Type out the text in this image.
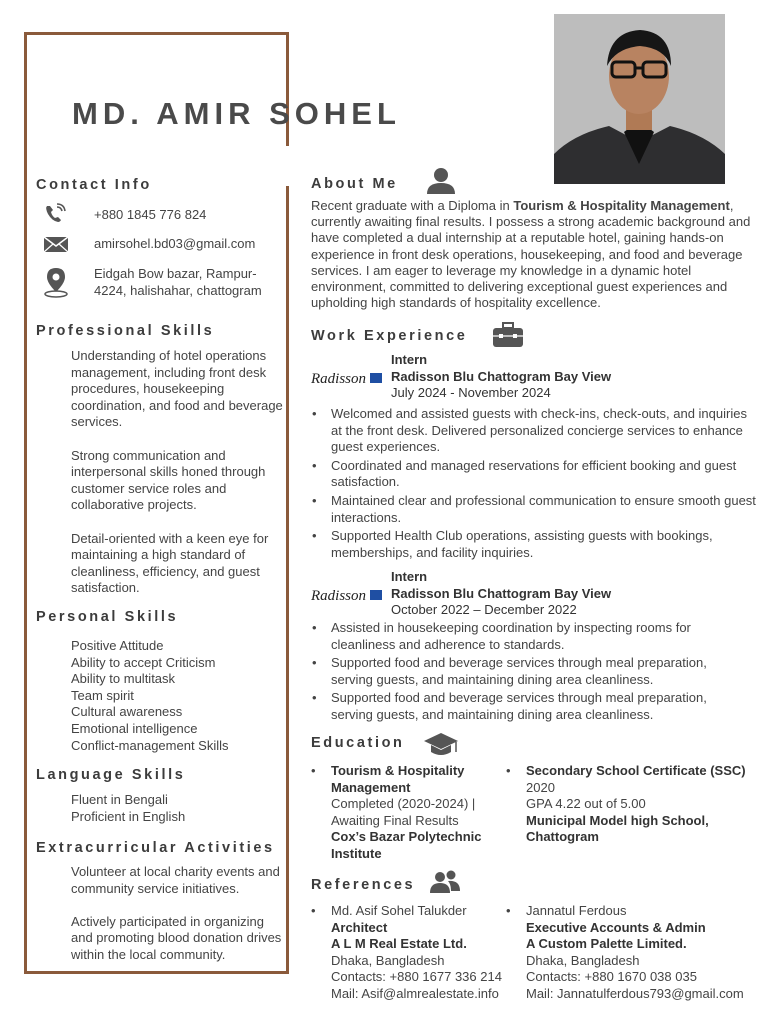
MD. AMIR SOHEL
Contact Info
+880 1845 776 824
amirsohel.bd03@gmail.com
Eidgah Bow bazar, Rampur-
4224, halishahar, chattogram
Professional Skills

Understanding of hotel operations management, including front desk procedures, housekeeping coordination, and food and beverage services.

Strong communication and interpersonal skills honed through customer service roles and collaborative projects.

Detail-oriented with a keen eye for maintaining a high standard of cleanliness, efficiency, and guest satisfaction.

Personal Skills
Positive Attitude
Ability to accept Criticism
Ability to multitask
Team spirit
Cultural awareness
Emotional intelligence
Conflict-management Skills
Language Skills
Fluent in Bengali
Proficient in English
Extracurricular Activities

Volunteer at local charity events and community service initiatives.

Actively participated in organizing and promoting blood donation drives within the local community.

About Me
Recent graduate with a Diploma in Tourism & Hospitality Management, currently awaiting final results. I possess a strong academic background and have completed a dual internship at a reputable hotel, gaining hands-on experience in front desk operations, housekeeping, and food and beverage services. I am eager to leverage my knowledge in a dynamic hotel environment, committed to delivering exceptional guest experiences and upholding high standards of hospitality excellence.
Work Experience
Radisson
Intern
Radisson Blu Chattogram Bay View
July 2024 - November 2024
• Welcomed and assisted guests with check-ins, check-outs, and inquiries at the front desk. Delivered personalized concierge services to enhance guest experiences.
• Coordinated and managed reservations for efficient booking and guest satisfaction.
• Maintained clear and professional communication to ensure smooth guest interactions.
• Supported Health Club operations, assisting guests with bookings, memberships, and facility inquiries.
Radisson
Intern
Radisson Blu Chattogram Bay View
October 2022 – December 2022
• Assisted in housekeeping coordination by inspecting rooms for cleanliness and adherence to standards.
• Supported food and beverage services through meal preparation, serving guests, and maintaining dining area cleanliness.
• Supported food and beverage services through meal preparation, serving guests, and maintaining dining area cleanliness.
Education
• Tourism & Hospitality
Management
Completed (2020-2024) |
Awaiting Final Results
Cox’s Bazar Polytechnic
Institute
• Secondary School Certificate (SSC)
2020
GPA 4.22 out of 5.00
Municipal Model high School,
Chattogram
References
• Md. Asif Sohel Talukder
Architect
A L M Real Estate Ltd.
Dhaka, Bangladesh
Contacts: +880 1677 336 214
Mail: Asif@almrealestate.info
• Jannatul Ferdous
Executive Accounts & Admin
A Custom Palette Limited.
Dhaka, Bangladesh
Contacts: +880 1670 038 035
Mail: Jannatulferdous793@gmail.com
